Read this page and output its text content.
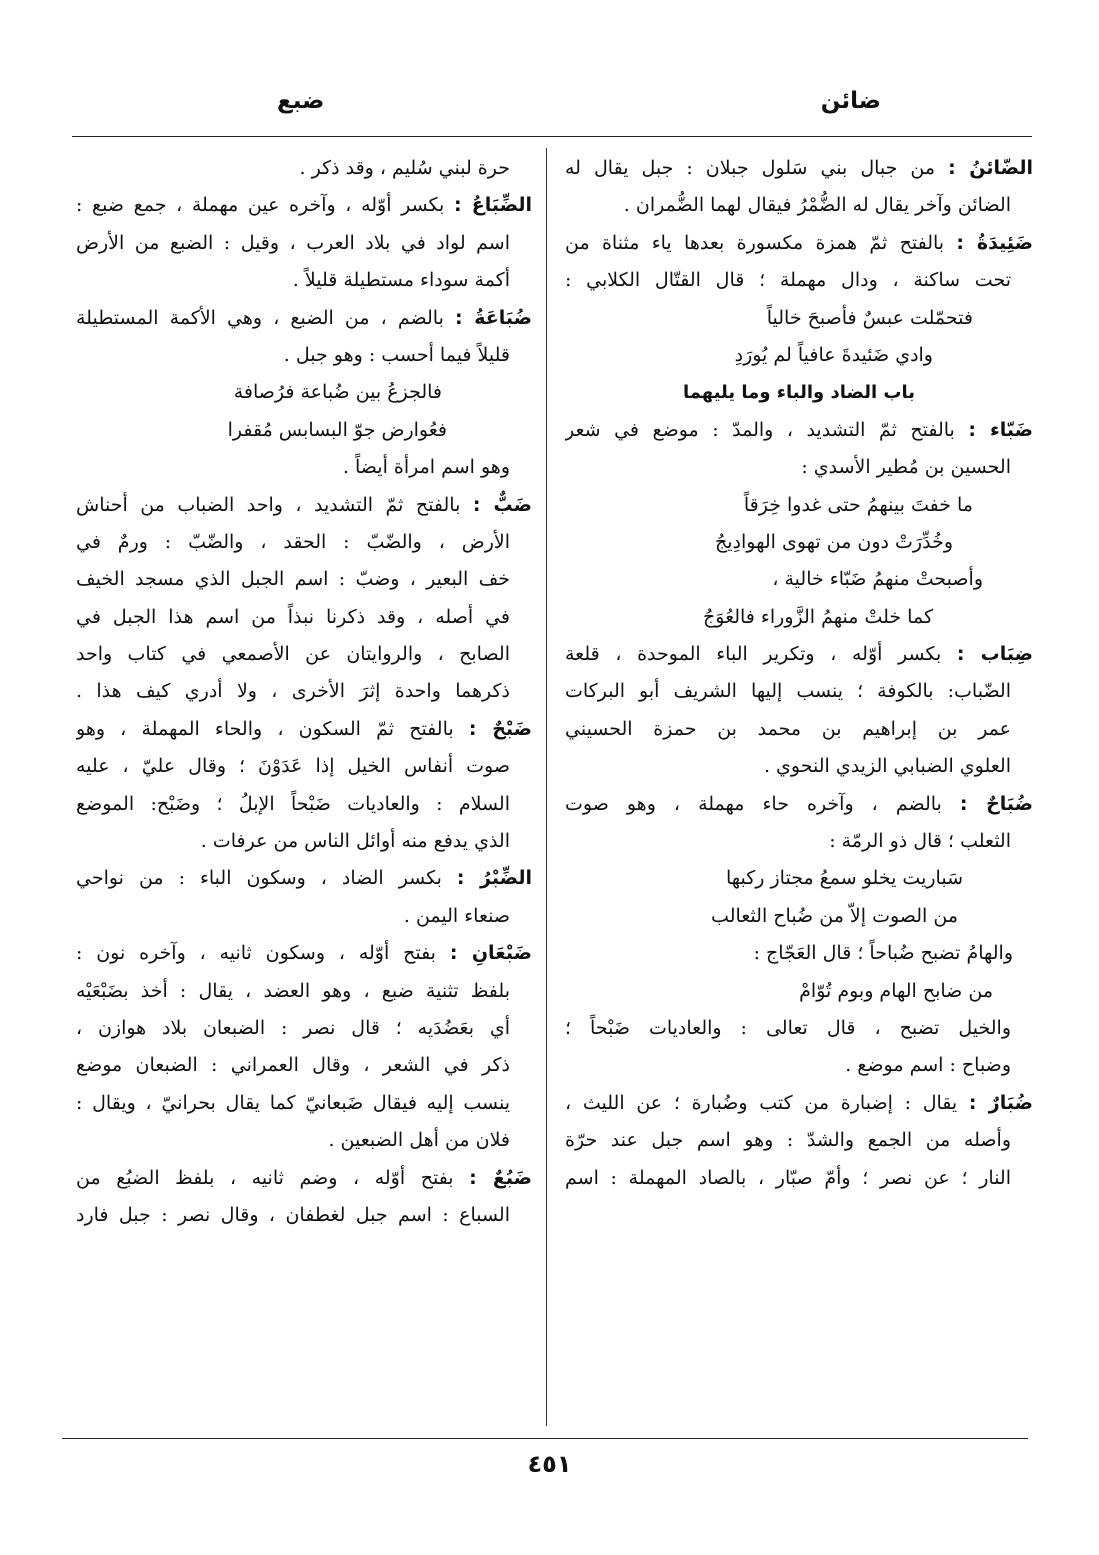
ضائن
ضبع
الضّائنُ : من جبال بني سَلول جبلان : جبل يقال له
الضائن وآخر يقال له الضُّمْرُ فيقال لهما الضُّمران .
ضَئِيدَةُ : بالفتح ثمّ همزة مكسورة بعدها ياء مثناة من
تحت ساكنة ، ودال مهملة ؛ قال القتّال الكلابي :
فتحمّلت عبسٌ فأصبحَ خالياً
وادي ضَئيدةَ عافياً لم يُورَدِ
باب الضاد والباء وما يليهما
ضَبّاء : بالفتح ثمّ التشديد ، والمدّ : موضع في شعر
الحسين بن مُطير الأسدي :
ما خفتَ بينهمُ حتى غدوا خِرَقاً
وخُدِّرَتْ دون من تهوى الهوادِيجُ
وأصبحتْ منهمُ ضَبّاء خالية ،
كما خلتْ منهمُ الزَّوراء فالعُوَجُ
ضِبَاب : بكسر أوّله ، وتكرير الباء الموحدة ، قلعة
الضّباب: بالكوفة ؛ ينسب إليها الشريف أبو البركات
عمر بن إبراهيم بن محمد بن حمزة الحسيني
العلوي الضبابي الزيدي النحوي .
ضُبَاحٌ : بالضم ، وآخره حاء مهملة ، وهو صوت
الثعلب ؛ قال ذو الرمّة :
سَباريت يخلو سمعُ مجتاز ركبها
من الصوت إلاّ من ضُباح الثعالب
والهامُ تضبح ضُباحاً ؛ قال العَجّاج :
من ضابح الهام وبوم تُوّامْ
والخيل تضبح ، قال تعالى : والعاديات ضَبْحاً ؛
وضباح : اسم موضع .
ضُبَارٌ : يقال : إضبارة من كتب وضُبارة ؛ عن الليث ،
وأصله من الجمع والشدّ : وهو اسم جبل عند حرّة
النار ؛ عن نصر ؛ وأمّ صبّار ، بالصاد المهملة : اسم
حرة لبني سُليم ، وقد ذكر .
الضِّبَاعُ : بكسر أوّله ، وآخره عين مهملة ، جمع ضبع :
اسم لواد في بلاد العرب ، وقيل : الضبع من الأرض
أكمة سوداء مستطيلة قليلاً .
ضُبَاعَةُ : بالضم ، من الضبع ، وهي الأكمة المستطيلة
قليلاً فيما أحسب : وهو جبل .
فالجزعُ بين ضُباعة فرُصافة
فعُوارض جوّ البسابس مُقفرا
وهو اسم امرأة أيضاً .
ضَبٌّ : بالفتح ثمّ التشديد ، واحد الضباب من أحناش
الأرض ، والضّبّ : الحقد ، والضّبّ : ورمٌ في
خف البعير ، وضبّ : اسم الجبل الذي مسجد الخيف
في أصله ، وقد ذكرنا نبذاً من اسم هذا الجبل في
الصابح ، والروايتان عن الأصمعي في كتاب واحد
ذكرهما واحدة إثرَ الأخرى ، ولا أدري كيف هذا .
ضَبْحٌ : بالفتح ثمّ السكون ، والحاء المهملة ، وهو
صوت أنفاس الخيل إذا عَدَوْنَ ؛ وقال عليّ ، عليه
السلام : والعاديات ضَبْحاً الإبلُ ؛ وضَبْح: الموضع
الذي يدفع منه أوائل الناس من عرفات .
الضِّبْرُ : بكسر الضاد ، وسكون الباء : من نواحي
صنعاء اليمن .
ضَبْعَانِ : بفتح أوّله ، وسكون ثانيه ، وآخره نون :
بلفظ تثنية ضبع ، وهو العضد ، يقال : أخذ بضَبْعَيْه
أي بعَضُدَيه ؛ قال نصر : الضبعان بلاد هوازن ،
ذكر في الشعر ، وقال العمراني : الضبعان موضع
ينسب إليه فيقال ضَبعانيّ كما يقال بحرانيّ ، ويقال :
فلان من أهل الضبعين .
ضَبُعٌ : بفتح أوّله ، وضم ثانيه ، بلفظ الضبُع من
السباع : اسم جبل لغطفان ، وقال نصر : جبل فارد
٤٥١
